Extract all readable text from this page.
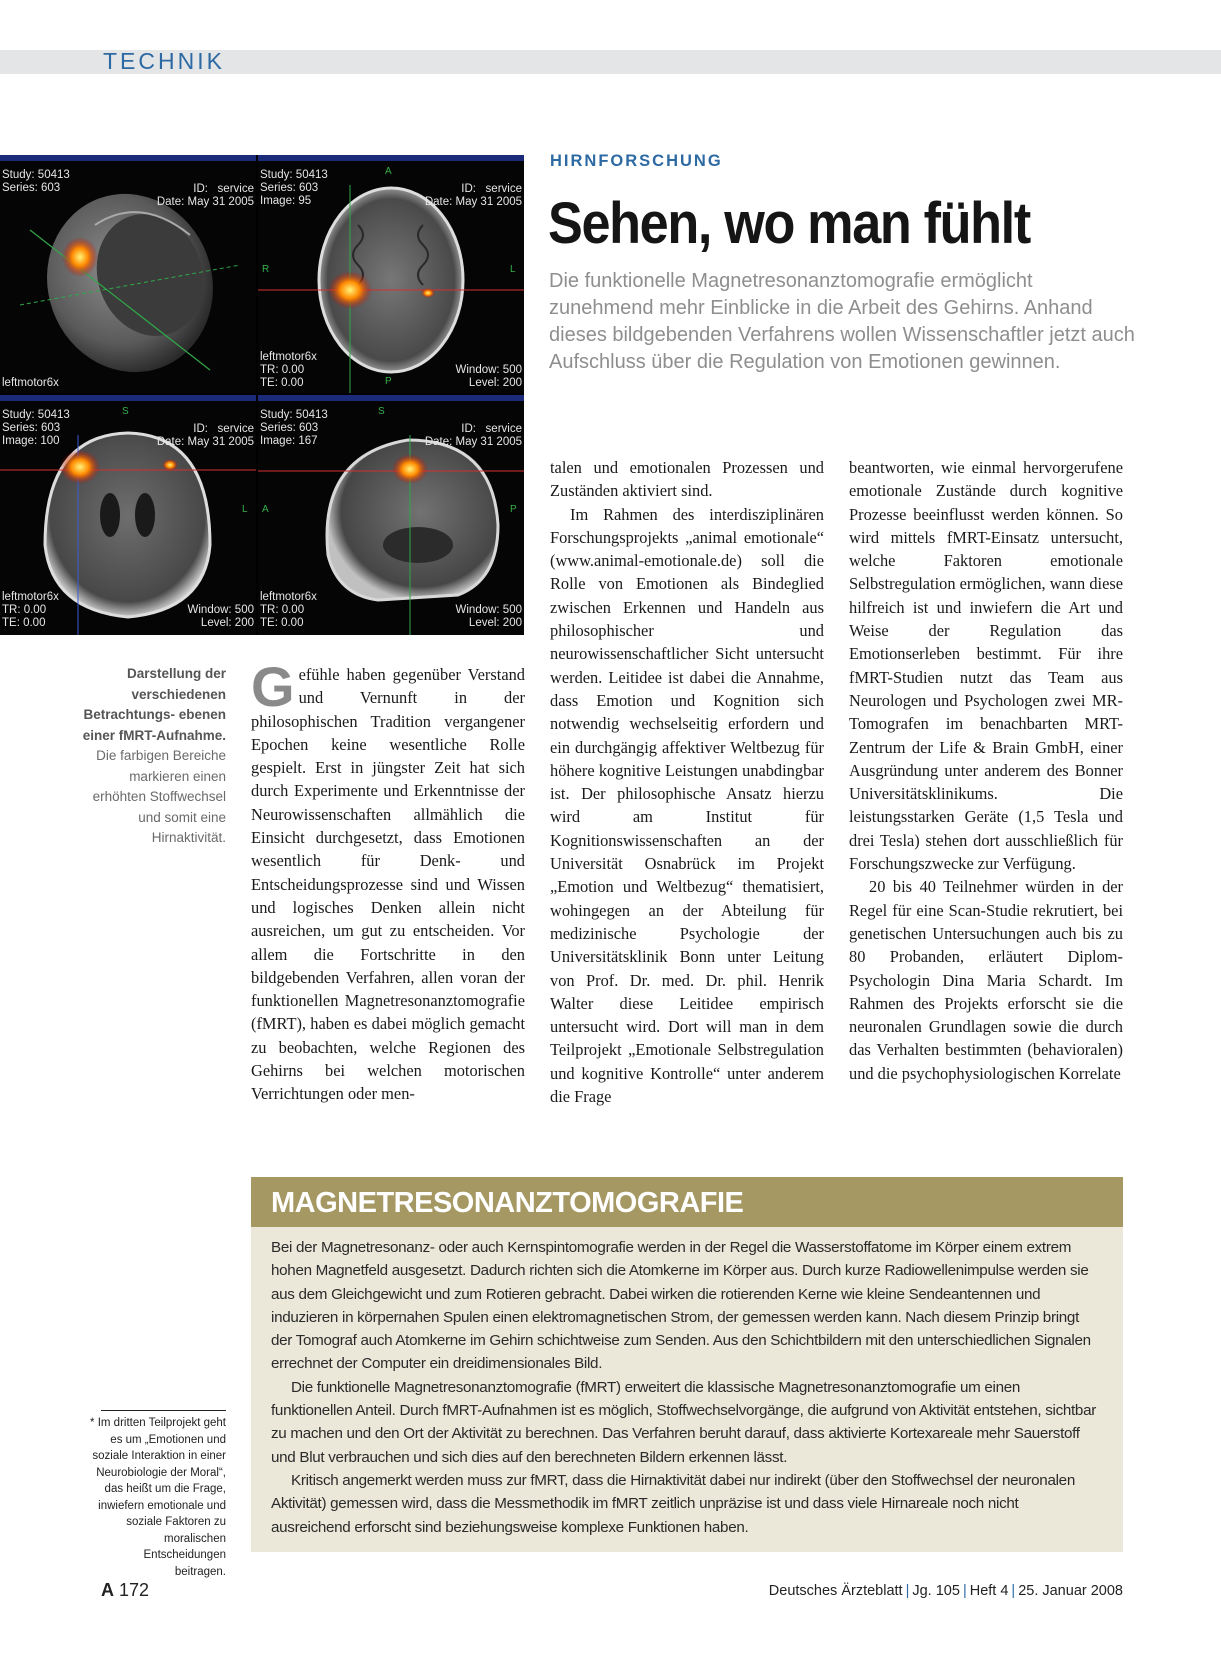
TECHNIK
Study: 50413
Series: 603	ID:   service
Date: May 31 2005
leftmotor6x
A
R	L
P
Study: 50413
Series: 603
Image: 95
ID:   service
Date: May 31 2005
leftmotor6x
TR: 0.00
TE: 0.00
Window: 500
Level: 200
S
L
Study: 50413
Series: 603
Image: 100
ID:   service
Date: May 31 2005
leftmotor6x
TR: 0.00
TE: 0.00
Window: 500
Level: 200
S
A	P
Study: 50413
Series: 603
Image: 167
ID:   service
Date: May 31 2005
leftmotor6x
TR: 0.00
TE: 0.00
Window: 500
Level: 200
Darstellung der verschiedenen Betrachtungs- ebenen einer fMRT-Aufnahme. Die farbigen Bereiche markieren einen erhöhten Stoffwechsel und somit eine Hirnaktivität.
HIRNFORSCHUNG
Sehen, wo man fühlt

Die funktionelle Magnetresonanztomografie ermöglicht zunehmend mehr Einblicke in die Arbeit des Gehirns. Anhand dieses bildgebenden Verfahrens wollen Wissenschaftler jetzt auch Aufschluss über die Regulation von Emotionen gewinnen.

Gefühle haben gegenüber Verstand und Vernunft in der philosophischen Tradition vergangener Epochen keine wesentliche Rolle gespielt. Erst in jüngster Zeit hat sich durch Experimente und Erkenntnisse der Neurowissenschaften allmählich die Einsicht durchgesetzt, dass Emotionen wesentlich für Denk- und Entscheidungsprozesse sind und Wissen und logisches Denken allein nicht ausreichen, um gut zu entscheiden. Vor allem die Fortschritte in den bildgebenden Verfahren, allen voran der funktionellen Magnetresonanztomografie (fMRT), haben es dabei möglich gemacht zu beobachten, welche Regionen des Gehirns bei welchen motorischen Verrichtungen oder men-

talen und emotionalen Prozessen und Zuständen aktiviert sind.

Im Rahmen des interdisziplinären Forschungsprojekts „animal emotionale“ (www.animal-emotionale.de) soll die Rolle von Emotionen als Bindeglied zwischen Erkennen und Handeln aus philosophischer und neurowissenschaftlicher Sicht untersucht werden. Leitidee ist dabei die Annahme, dass Emotion und Kognition sich notwendig wechselseitig erfordern und ein durchgängig affektiver Weltbezug für höhere kognitive Leistungen unabdingbar ist. Der philosophische Ansatz hierzu wird am Institut für Kognitionswissenschaften an der Universität Osnabrück im Projekt „Emotion und Weltbezug“ thematisiert, wohingegen an der Abteilung für medizinische Psychologie der Universitätsklinik Bonn unter Leitung von Prof. Dr. med. Dr. phil. Henrik Walter diese Leitidee empirisch untersucht wird. Dort will man in dem Teilprojekt „Emotionale Selbstregulation und kognitive Kontrolle“ unter anderem die Frage

beantworten, wie einmal hervorgerufene emotionale Zustände durch kognitive Prozesse beeinflusst werden können. So wird mittels fMRT-Einsatz untersucht, welche Faktoren emotionale Selbstregulation ermöglichen, wann diese hilfreich ist und inwiefern die Art und Weise der Regulation das Emotionserleben bestimmt. Für ihre fMRT-Studien nutzt das Team aus Neurologen und Psychologen zwei MR-Tomografen im benachbarten MRT-Zentrum der Life & Brain GmbH, einer Ausgründung unter anderem des Bonner Universitätsklinikums. Die leistungsstarken Geräte (1,5 Tesla und drei Tesla) stehen dort ausschließlich für Forschungszwecke zur Verfügung.

20 bis 40 Teilnehmer würden in der Regel für eine Scan-Studie rekrutiert, bei genetischen Untersuchungen auch bis zu 80 Probanden, erläutert Diplom-Psychologin Dina Maria Schardt. Im Rahmen des Projekts erforscht sie die neuronalen Grundlagen sowie die durch das Verhalten bestimmten (behavioralen) und die psychophysiologischen Korrelate

MAGNETRESONANZTOMOGRAFIE

Bei der Magnetresonanz- oder auch Kernspintomografie werden in der Regel die Wasserstoffatome im Körper einem extrem hohen Magnetfeld ausgesetzt. Dadurch richten sich die Atomkerne im Körper aus. Durch kurze Radiowellenimpulse werden sie aus dem Gleichgewicht und zum Rotieren gebracht. Dabei wirken die rotierenden Kerne wie kleine Sendeantennen und induzieren in körpernahen Spulen einen elektromagnetischen Strom, der gemessen werden kann. Nach diesem Prinzip bringt der Tomograf auch Atomkerne im Gehirn schichtweise zum Senden. Aus den Schichtbildern mit den unterschiedlichen Signalen errechnet der Computer ein dreidimensionales Bild.

Die funktionelle Magnetresonanztomografie (fMRT) erweitert die klassische Magnetresonanztomografie um einen funktionellen Anteil. Durch fMRT-Aufnahmen ist es möglich, Stoffwechselvorgänge, die aufgrund von Aktivität entstehen, sichtbar zu machen und den Ort der Aktivität zu berechnen. Das Verfahren beruht darauf, dass aktivierte Kortexareale mehr Sauerstoff und Blut verbrauchen und sich dies auf den berechneten Bildern erkennen lässt.

Kritisch angemerkt werden muss zur fMRT, dass die Hirnaktivität dabei nur indirekt (über den Stoffwechsel der neuronalen Aktivität) gemessen wird, dass die Messmethodik im fMRT zeitlich unpräzise ist und dass viele Hirnareale noch nicht ausreichend erforscht sind beziehungsweise komplexe Funktionen haben.

* Im dritten Teilprojekt geht es um „Emotionen und soziale Interaktion in einer Neurobiologie der Moral“, das heißt um die Frage, inwiefern emotionale und soziale Faktoren zu moralischen Entscheidungen beitragen.

A 172	Deutsches Ärzteblatt | Jg. 105 | Heft 4 | 25. Januar 2008
